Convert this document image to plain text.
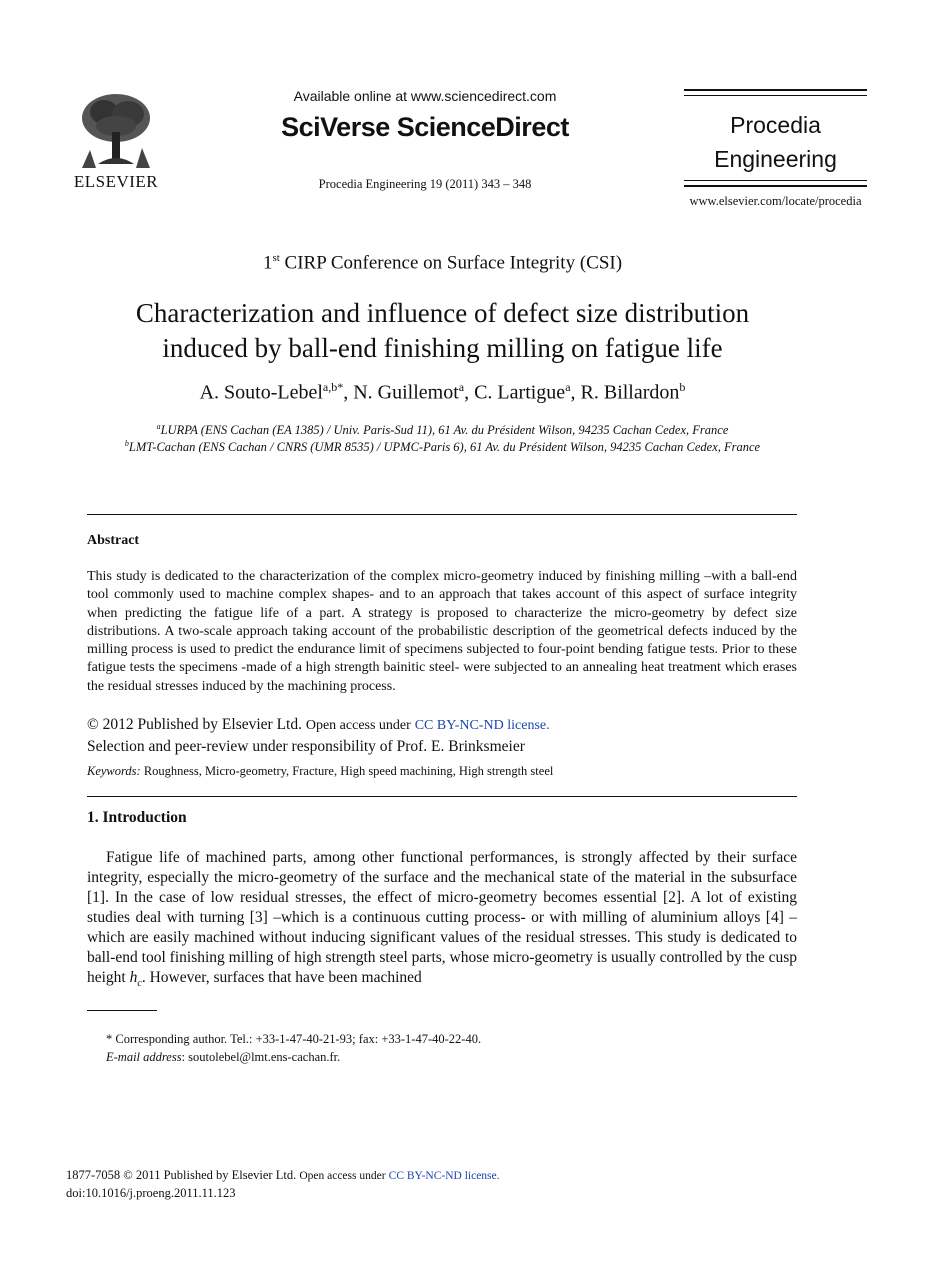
ELSEVIER
Available online at www.sciencedirect.com
SciVerse ScienceDirect
Procedia Engineering 19 (2011) 343 – 348
Procedia
Engineering
www.elsevier.com/locate/procedia
1st CIRP Conference on Surface Integrity (CSI)
Characterization and influence of defect size distribution
induced by ball-end finishing milling on fatigue life
A. Souto-Lebel$^{a,b*}$, N. Guillemot$^a$, C. Lartigue$^a$, R. Billardon$^b$
$^a$LURPA (ENS Cachan (EA 1385) / Univ. Paris-Sud 11), 61 Av. du Président Wilson, 94235 Cachan Cedex, France
$^b$LMT-Cachan (ENS Cachan / CNRS (UMR 8535) / UPMC-Paris 6), 61 Av. du Président Wilson, 94235 Cachan Cedex, France
Abstract
This study is dedicated to the characterization of the complex micro-geometry induced by finishing milling –with a ball-end tool commonly used to machine complex shapes- and to an approach that takes account of this aspect of surface integrity when predicting the fatigue life of a part. A strategy is proposed to characterize the micro-geometry by defect size distributions. A two-scale approach taking account of the probabilistic description of the geometrical defects induced by the milling process is used to predict the endurance limit of specimens subjected to four-point bending fatigue tests. Prior to these fatigue tests the specimens -made of a high strength bainitic steel- were subjected to an annealing heat treatment which erases the residual stresses induced by the machining process.
© 2012 Published by Elsevier Ltd. Open access under CC BY-NC-ND license.
Selection and peer-review under responsibility of Prof. E. Brinksmeier
Keywords: Roughness, Micro-geometry, Fracture, High speed machining, High strength steel
1. Introduction
Fatigue life of machined parts, among other functional performances, is strongly affected by their surface integrity, especially the micro-geometry of the surface and the mechanical state of the material in the subsurface [1]. In the case of low residual stresses, the effect of micro-geometry becomes essential [2]. A lot of existing studies deal with turning [3] –which is a continuous cutting process- or with milling of aluminium alloys [4] –which are easily machined without inducing significant values of the residual stresses. This study is dedicated to ball-end tool finishing milling of high strength steel parts, whose micro-geometry is usually controlled by the cusp height $h_c$. However, surfaces that have been machined
* Corresponding author. Tel.: +33-1-47-40-21-93; fax: +33-1-47-40-22-40.
E-mail address: soutolebel@lmt.ens-cachan.fr.
1877-7058 © 2011 Published by Elsevier Ltd. Open access under CC BY-NC-ND license.
doi:10.1016/j.proeng.2011.11.123
